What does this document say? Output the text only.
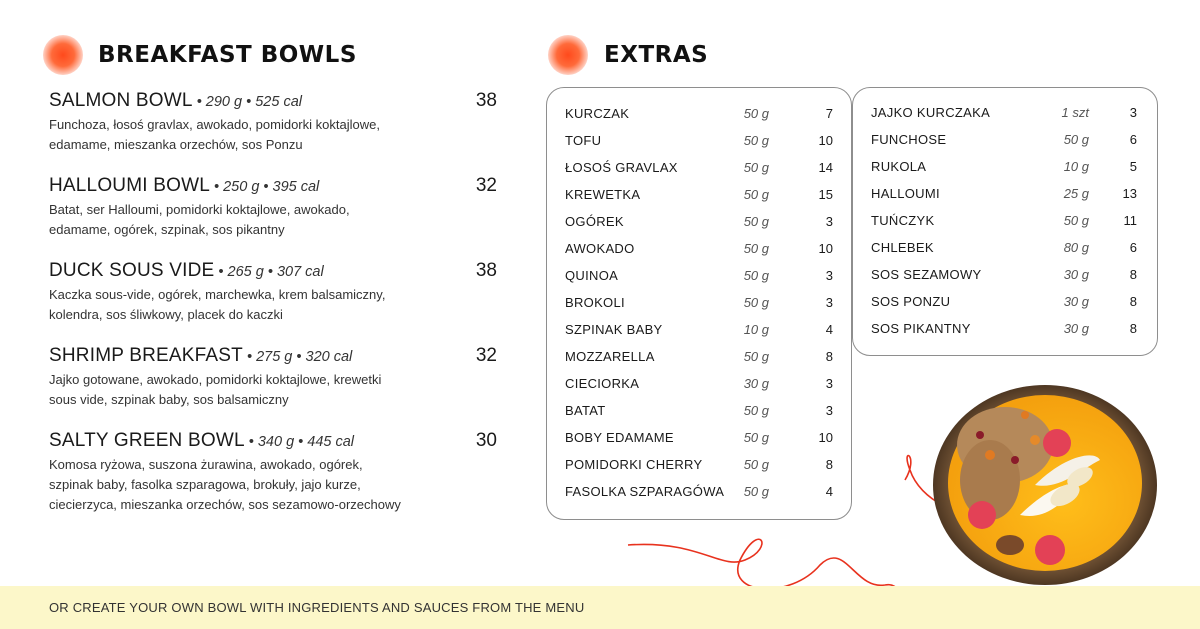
BREAKFAST BOWLS	EXTRAS
SALMON BOWL • 290 g • 525 cal	38
Funchoza, łosoś gravlax, awokado, pomidorki koktajlowe, edamame, mieszanka orzechów, sos Ponzu
HALLOUMI BOWL • 250 g • 395 cal	32
Batat, ser Halloumi, pomidorki koktajlowe, awokado, edamame, ogórek, szpinak, sos pikantny
DUCK SOUS VIDE • 265 g • 307 cal	38
Kaczka sous-vide, ogórek, marchewka, krem balsamiczny, kolendra, sos śliwkowy, placek do kaczki
SHRIMP BREAKFAST • 275 g • 320 cal	32
Jajko gotowane, awokado, pomidorki koktajlowe, krewetki sous vide, szpinak baby, sos balsamiczny
SALTY GREEN BOWL • 340 g • 445 cal	30
Komosa ryżowa, suszona żurawina, awokado, ogórek, szpinak baby, fasolka szparagowa, brokuły, jajo kurze, ciecierzyca, mieszanka orzechów, sos sezamowo-orzechowy
KURCZAK	50 g	7
TOFU	50 g	10
ŁOSOŚ GRAVLAX	50 g	14
KREWETKA	50 g	15
OGÓREK	50 g	3
AWOKADO	50 g	10
QUINOA	50 g	3
BROKOLI	50 g	3
SZPINAK BABY	10 g	4
MOZZARELLA	50 g	8
CIECIORKA	30 g	3
BATAT	50 g	3
BOBY EDAMAME	50 g	10
POMIDORKI CHERRY	50 g	8
FASOLKA SZPARAGÓWA	50 g	4
JAJKO KURCZAKA	1 szt	3
FUNCHOSE	50 g	6
RUKOLA	10 g	5
HALLOUMI	25 g	13
TUŃCZYK	50 g	11
CHLEBEK	80 g	6
SOS SEZAMOWY	30 g	8
SOS PONZU	30 g	8
SOS PIKANTNY	30 g	8
OR CREATE YOUR OWN BOWL WITH INGREDIENTS AND SAUCES FROM THE MENU
